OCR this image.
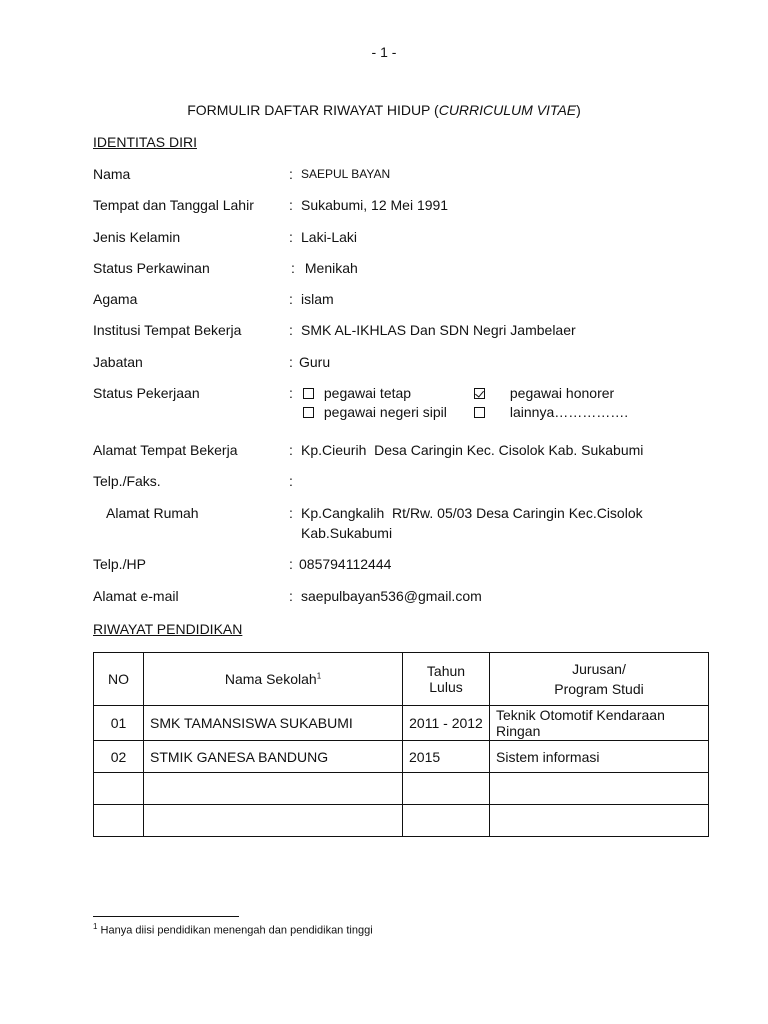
- 1 -
FORMULIR DAFTAR RIWAYAT HIDUP (CURRICULUM VITAE)
IDENTITAS DIRI
Nama	: SAEPUL BAYAN
Tempat dan Tanggal Lahir	: Sukabumi, 12 Mei 1991
Jenis Kelamin	: Laki-Laki
Status Perkawinan	: Menikah
Agama	: islam
Institusi Tempat Bekerja	: SMK AL-IKHLAS Dan SDN Negri Jambelaer
Jabatan	: Guru
Status Pekerjaan	:	pegawai tetap	pegawai honorer
pegawai negeri sipil	lainnya…………….
Alamat Tempat Bekerja	: Kp.Cieurih  Desa Caringin Kec. Cisolok Kab. Sukabumi
Telp./Faks.	:
Alamat Rumah	: Kp.Cangkalih  Rt/Rw. 05/03 Desa Caringin Kec.Cisolok
Kab.Sukabumi
Telp./HP	: 085794112444
Alamat e-mail	: saepulbayan536@gmail.com
RIWAYAT PENDIDIKAN
NO	Nama Sekolah$^1$	Tahun Lulus	Jurusan/
Program Studi
01	SMK TAMANSISWA SUKABUMI	2011 - 2012	Teknik Otomotif Kendaraan Ringan
02	STMIK GANESA BANDUNG	2015	Sistem informasi

$^1$ Hanya diisi pendidikan menengah dan pendidikan tinggi
